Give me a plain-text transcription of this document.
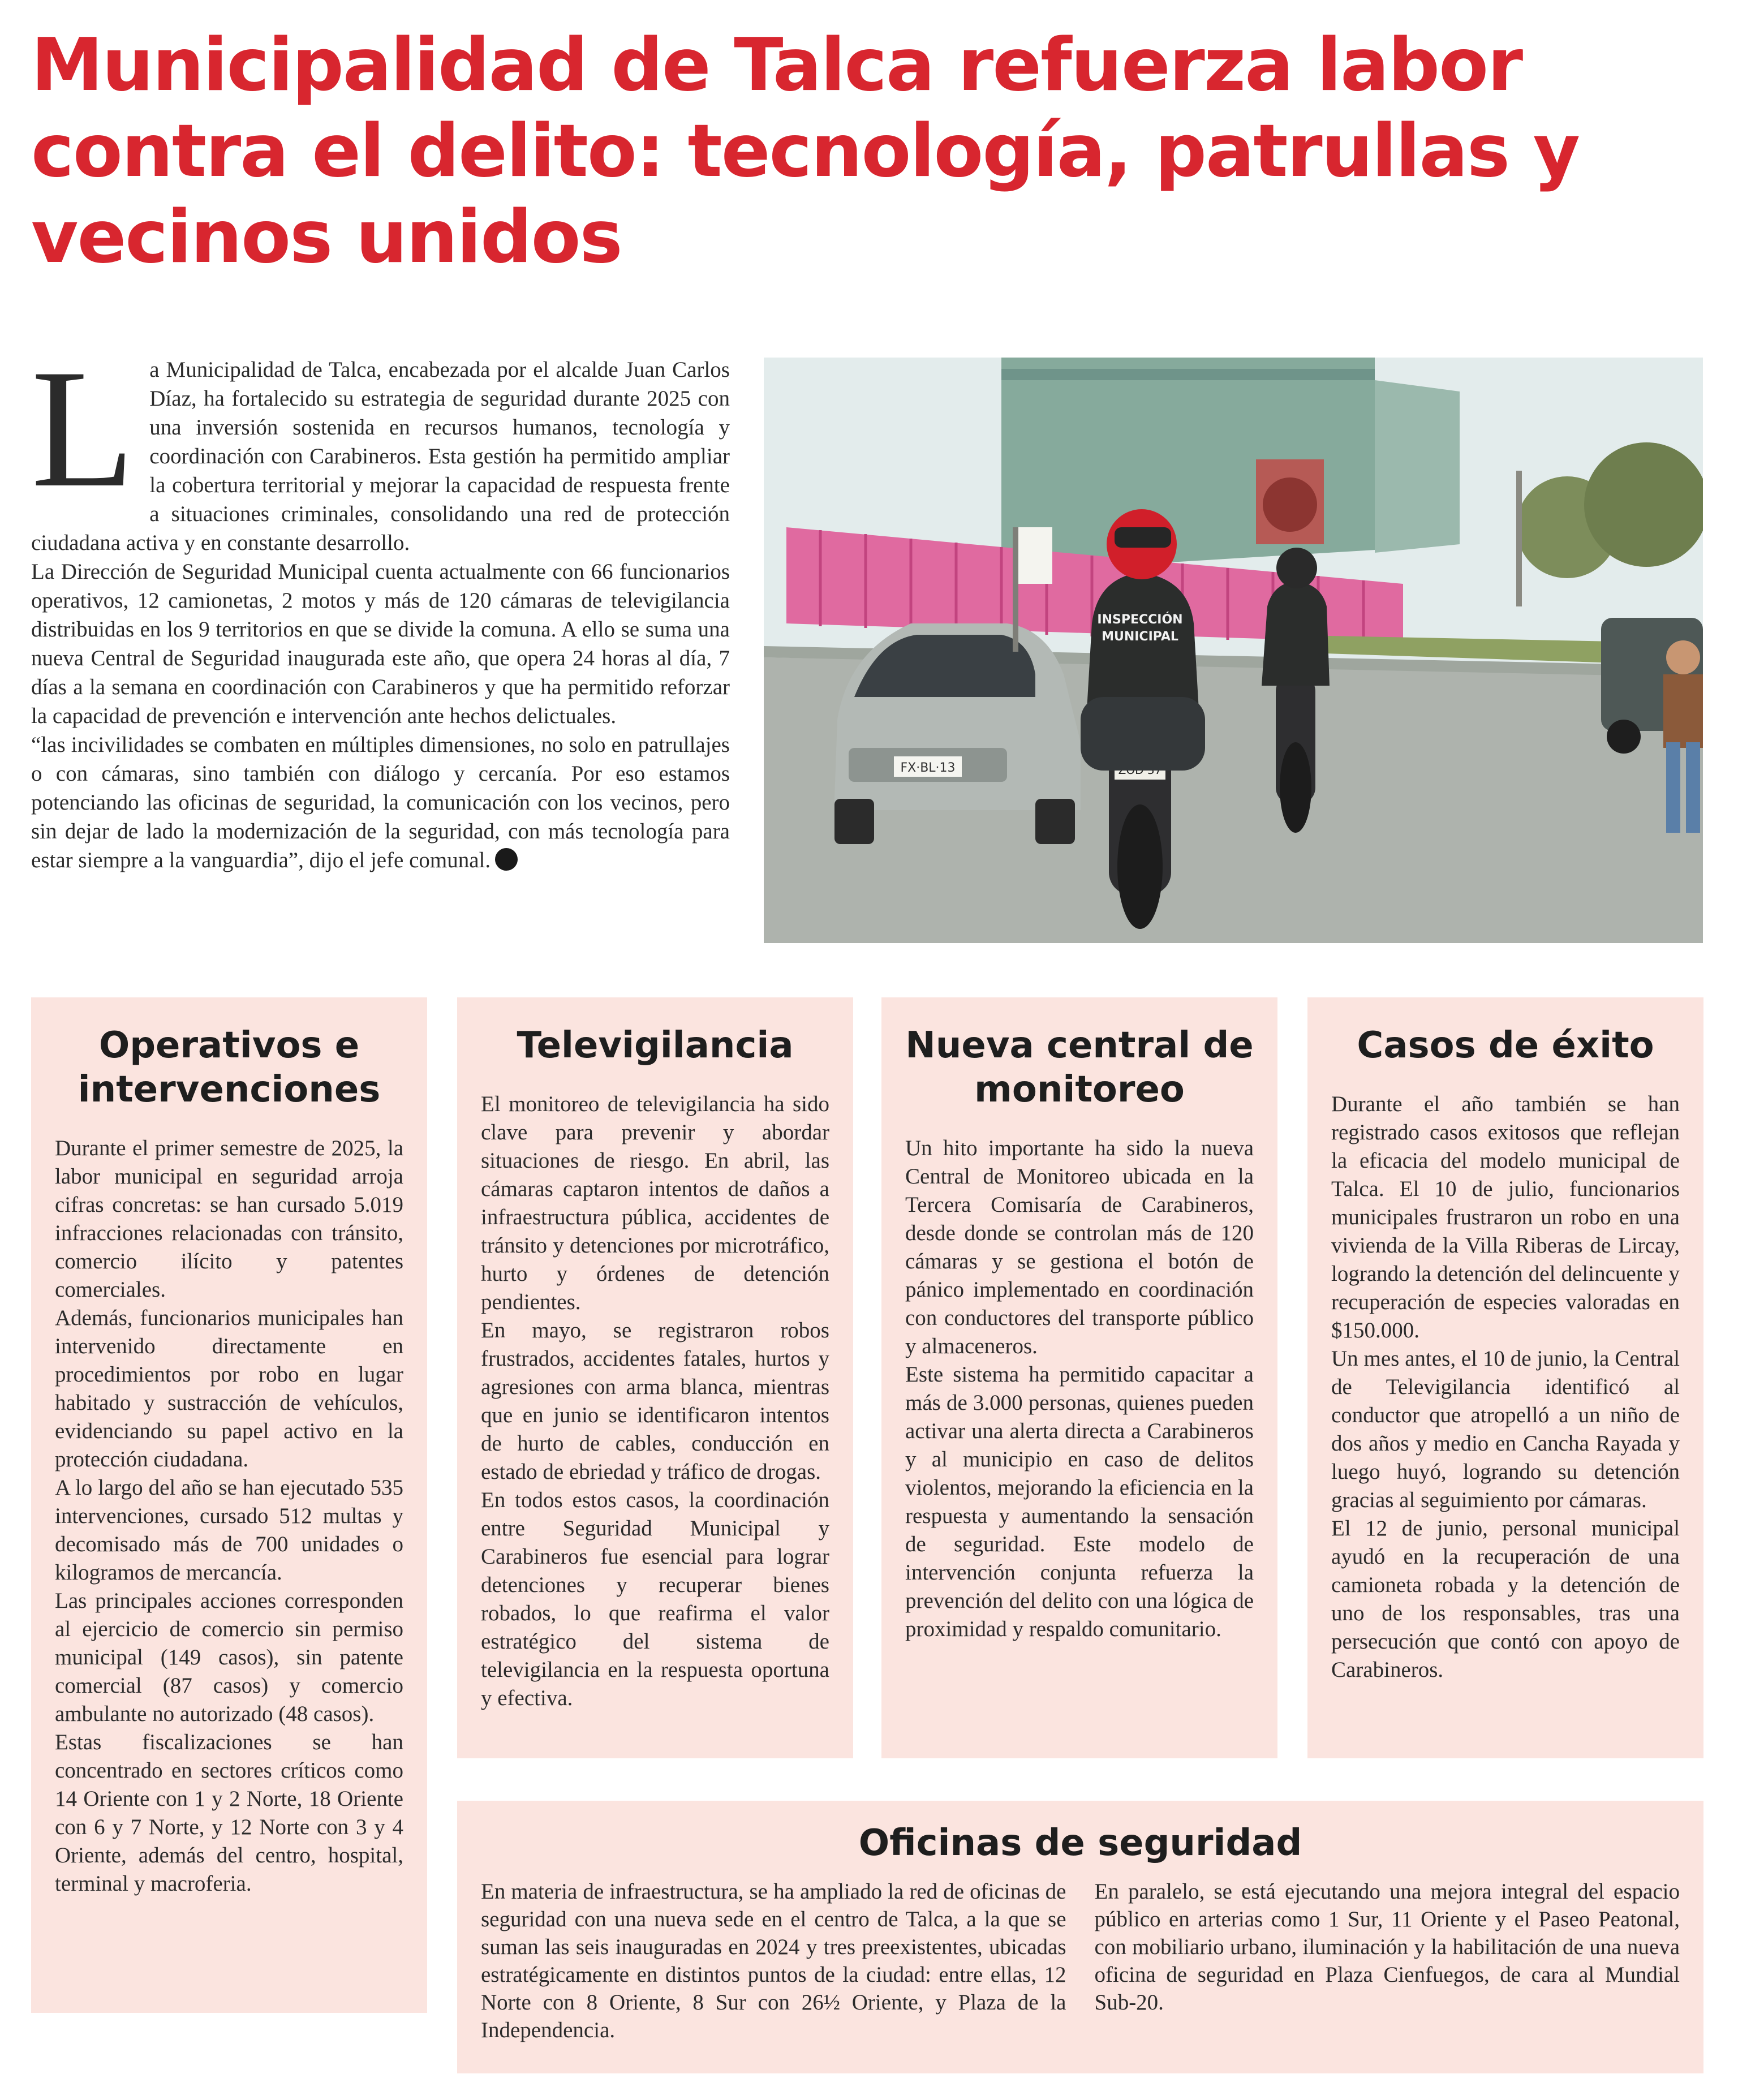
Municipalidad de Talca refuerza labor contra el delito: tecnología, patrullas y vecinos unidos
L a Municipalidad de Talca, encabezada por el alcalde Juan Carlos Díaz, ha fortalecido su estrategia de seguridad durante 2025 con una inversión sostenida en recursos humanos, tecnología y coordinación con Carabineros. Esta gestión ha permitido ampliar la cobertura territorial y mejorar la capacidad de respuesta frente a situaciones criminales, consolidando una red de protección ciudadana activa y en constante desarrollo.

La Dirección de Seguridad Municipal cuenta actualmente con 66 funcionarios operativos, 12 camionetas, 2 motos y más de 120 cámaras de televigilancia distribuidas en los 9 territorios en que se divide la comuna. A ello se suma una nueva Central de Seguridad inaugurada este año, que opera 24 horas al día, 7 días a la semana en coordinación con Carabineros y que ha permitido reforzar la capacidad de prevención e intervención ante hechos delictuales.

“las incivilidades se combaten en múltiples dimensiones, no solo en patrullajes o con cámaras, sino también con diálogo y cercanía. Por eso estamos potenciando las oficinas de seguridad, la comunicación con los vecinos, pero sin dejar de lado la modernización de la seguridad, con más tecnología para estar siempre a la vanguardia”, dijo el jefe comunal.

FX·BL·13
INSPECCIÓN
MUNICIPAL
Operativos e intervenciones

Durante el primer semestre de 2025, la labor municipal en seguridad arroja cifras concretas: se han cursado 5.019 infracciones relacionadas con tránsito, comercio ilícito y patentes comerciales.

Además, funcionarios municipales han intervenido directamente en procedimientos por robo en lugar habitado y sustracción de vehículos, evidenciando su papel activo en la protección ciudadana.

A lo largo del año se han ejecutado 535 intervenciones, cursado 512 multas y decomisado más de 700 unidades o kilogramos de mercancía.

Las principales acciones corresponden al ejercicio de comercio sin permiso municipal (149 casos), sin patente comercial (87 casos) y comercio ambulante no autorizado (48 casos).

Estas fiscalizaciones se han concentrado en sectores críticos como 14 Oriente con 1 y 2 Norte, 18 Oriente con 6 y 7 Norte, y 12 Norte con 3 y 4 Oriente, además del centro, hospital, terminal y macroferia.

Televigilancia

El monitoreo de televigilancia ha sido clave para prevenir y abordar situaciones de riesgo. En abril, las cámaras captaron intentos de daños a infraestructura pública, accidentes de tránsito y detenciones por microtráfico, hurto y órdenes de detención pendientes.

En mayo, se registraron robos frustrados, accidentes fatales, hurtos y agresiones con arma blanca, mientras que en junio se identificaron intentos de hurto de cables, conducción en estado de ebriedad y tráfico de drogas.

En todos estos casos, la coordinación entre Seguridad Municipal y Carabineros fue esencial para lograr detenciones y recuperar bienes robados, lo que reafirma el valor estratégico del sistema de televigilancia en la respuesta oportuna y efectiva.

Nueva central de monitoreo

Un hito importante ha sido la nueva Central de Monitoreo ubicada en la Tercera Comisaría de Carabineros, desde donde se controlan más de 120 cámaras y se gestiona el botón de pánico implementado en coordinación con conductores del transporte público y almaceneros.

Este sistema ha permitido capacitar a más de 3.000 personas, quienes pueden activar una alerta directa a Carabineros y al municipio en caso de delitos violentos, mejorando la eficiencia en la respuesta y aumentando la sensación de seguridad. Este modelo de intervención conjunta refuerza la prevención del delito con una lógica de proximidad y respaldo comunitario.

Casos de éxito

Durante el año también se han registrado casos exitosos que reflejan la eficacia del modelo municipal de Talca. El 10 de julio, funcionarios municipales frustraron un robo en una vivienda de la Villa Riberas de Lircay, logrando la detención del delincuente y recuperación de especies valoradas en $150.000.

Un mes antes, el 10 de junio, la Central de Televigilancia identificó al conductor que atropelló a un niño de dos años y medio en Cancha Rayada y luego huyó, logrando su detención gracias al seguimiento por cámaras.

El 12 de junio, personal municipal ayudó en la recuperación de una camioneta robada y la detención de uno de los responsables, tras una persecución que contó con apoyo de Carabineros.

Oficinas de seguridad

En materia de infraestructura, se ha ampliado la red de oficinas de seguridad con una nueva sede en el centro de Talca, a la que se suman las seis inauguradas en 2024 y tres preexistentes, ubicadas estratégicamente en distintos puntos de la ciudad: entre ellas, 12 Norte con 8 Oriente, 8 Sur con 26½ Oriente, y Plaza de la Independencia.

En paralelo, se está ejecutando una mejora integral del espacio público en arterias como 1 Sur, 11 Oriente y el Paseo Peatonal, con mobiliario urbano, iluminación y la habilitación de una nueva oficina de seguridad en Plaza Cienfuegos, de cara al Mundial Sub-20.
